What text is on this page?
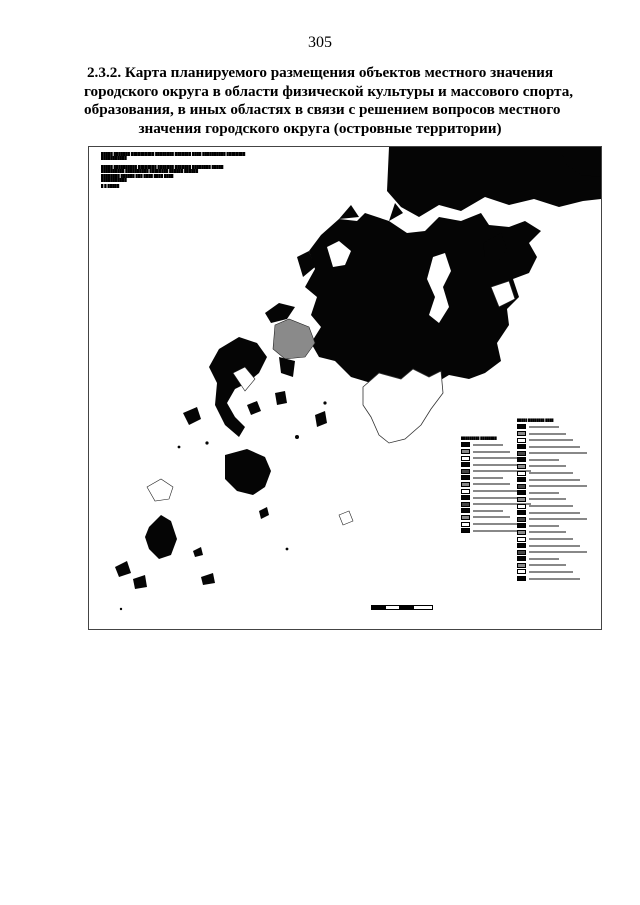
305
2.3.2. Карта планируемого размещения объектов местного значения
городского округа в области физической культуры и массового спорта,
образования, в иных областях в связи с решением вопросов местного
значения городского округа (островные территории)
█████ ███████ ██████████ ████████ ███████ ████ ██████████ ████████
███████████
█████ ██████████ ████████ ███████ ███████ ████████ █████
██████████ ██████████ ████████ ██████ ██████
████████ ██████ ███ ████ ████ ████
███████████
█ █ █████
█████████ ████████
█████ ████████ ████
